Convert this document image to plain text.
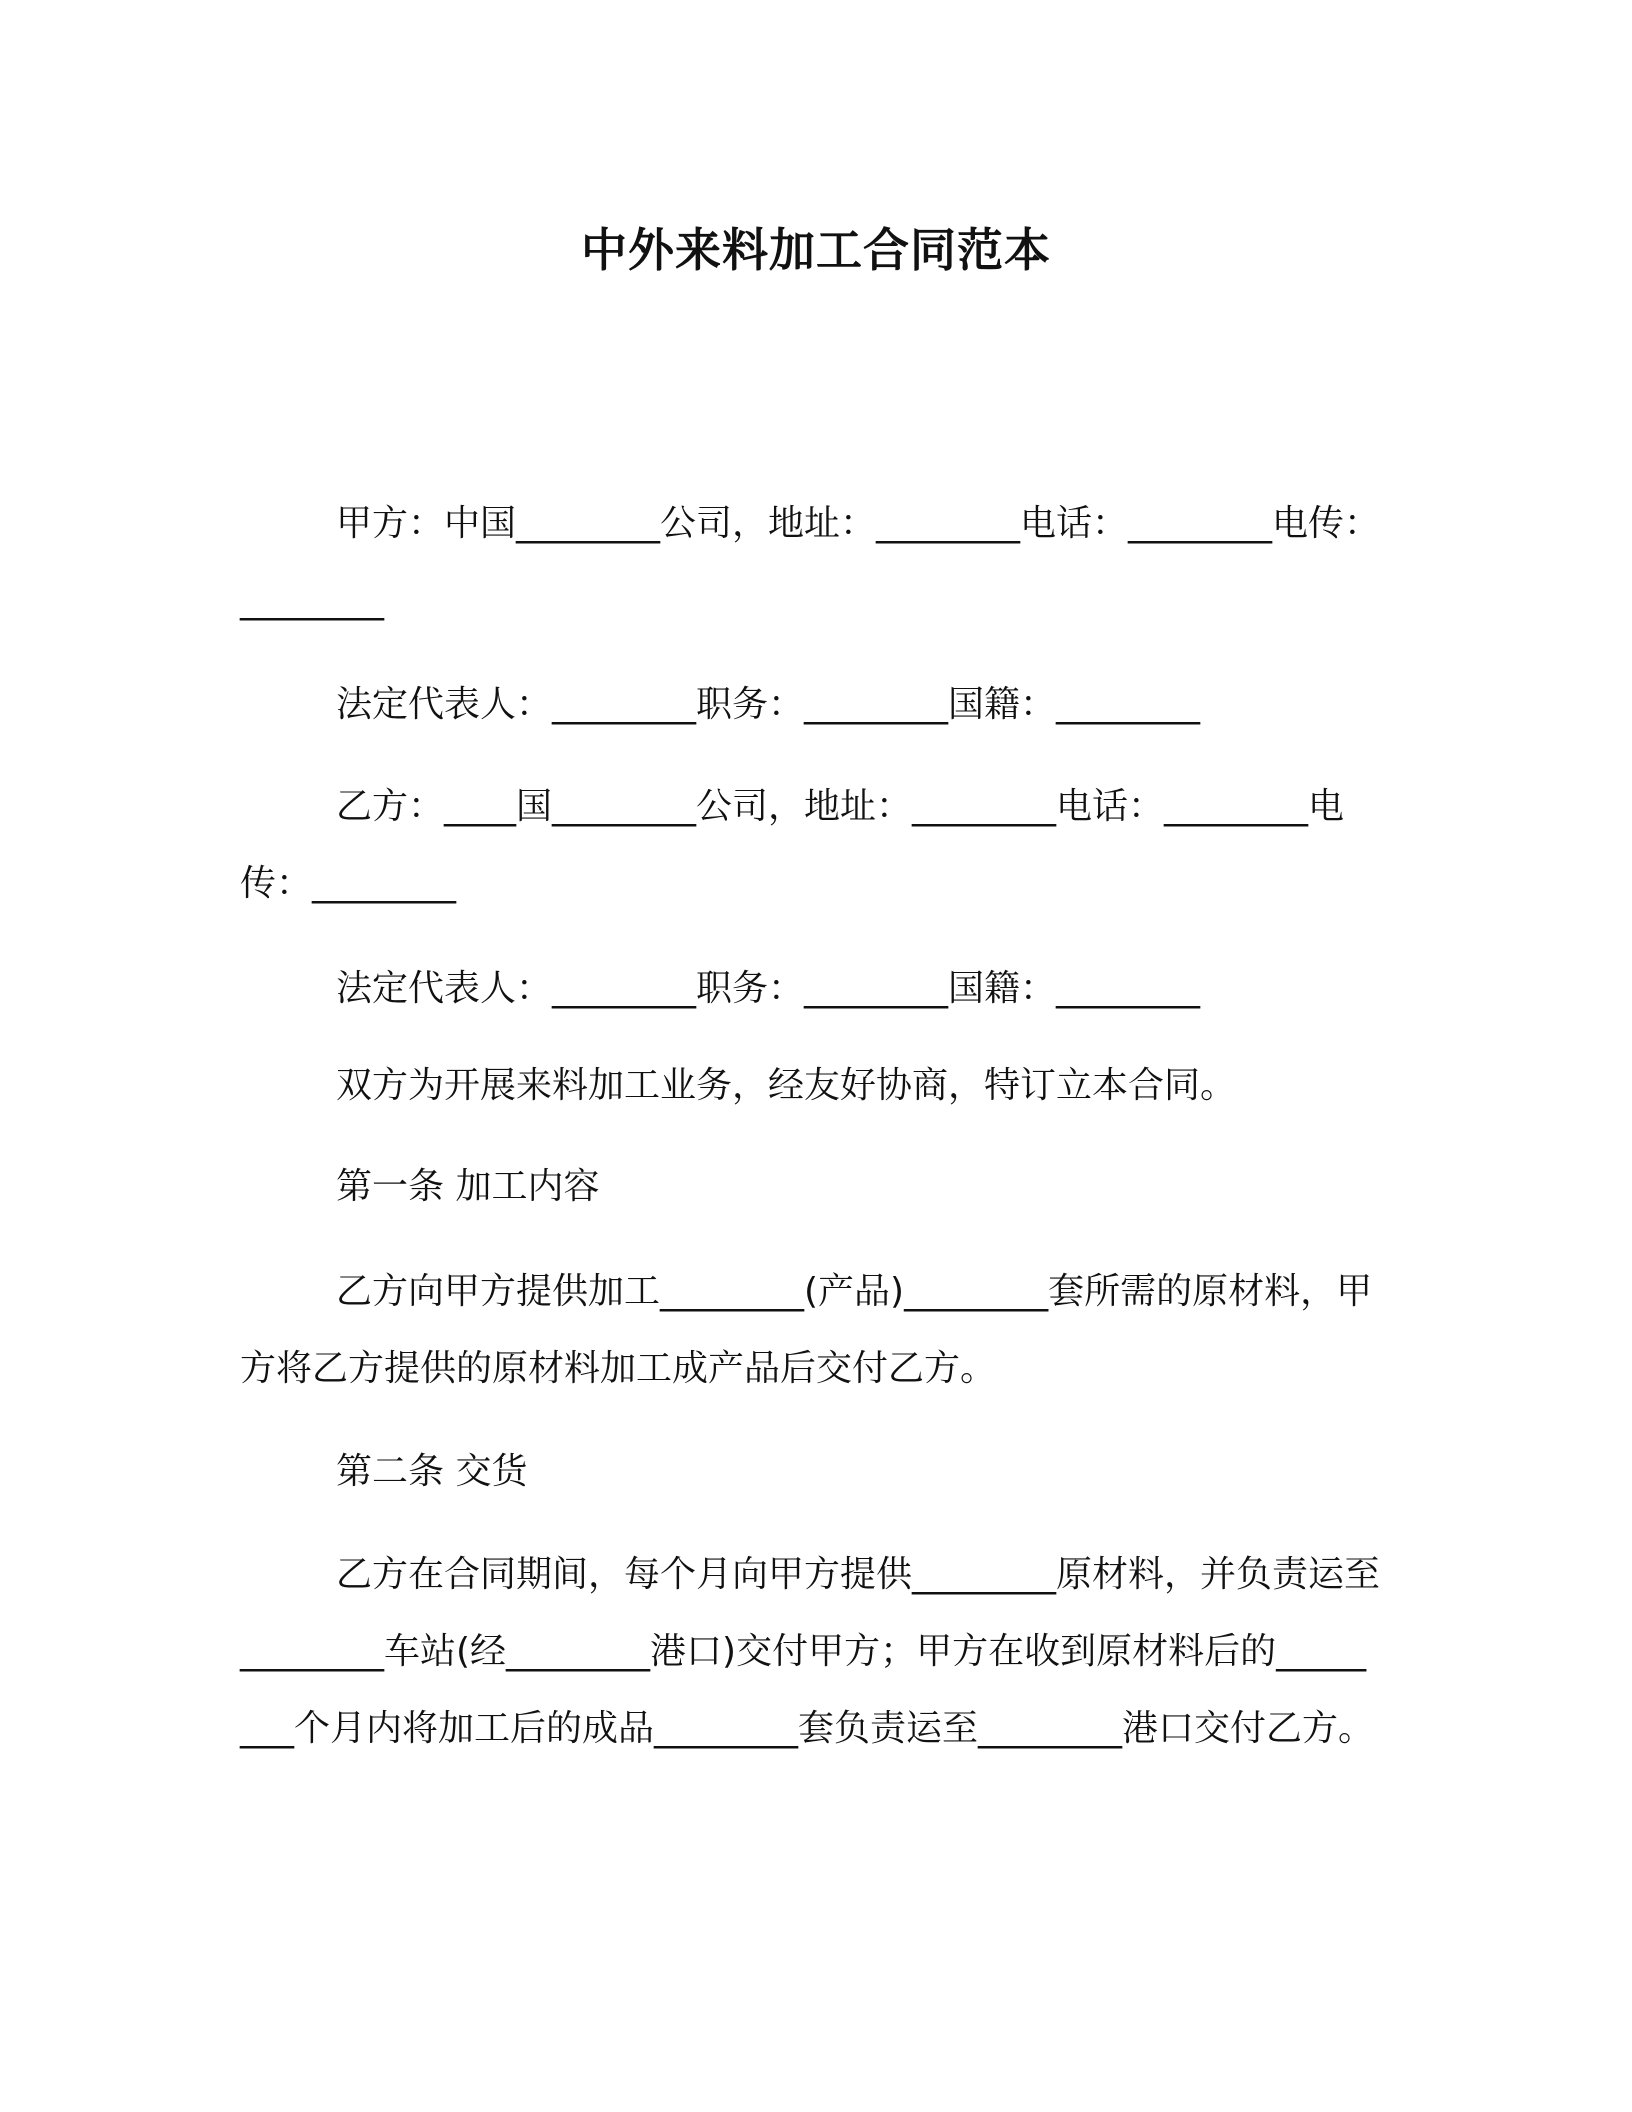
中外来料加工合同范本
甲方：中国________公司，地址：________电话：________电传：________
法定代表人：________职务：________国籍：________
乙方：____国________公司，地址：________电话：________电传：________
法定代表人：________职务：________国籍：________
双方为开展来料加工业务，经友好协商，特订立本合同。
第一条 加工内容
乙方向甲方提供加工________(产品)________套所需的原材料，甲方将乙方提供的原材料加工成产品后交付乙方。
第二条 交货
乙方在合同期间，每个月向甲方提供________原材料，并负责运至________车站(经________港口)交付甲方；甲方在收到原材料后的________个月内将加工后的成品________套负责运至________港口交付乙方。
